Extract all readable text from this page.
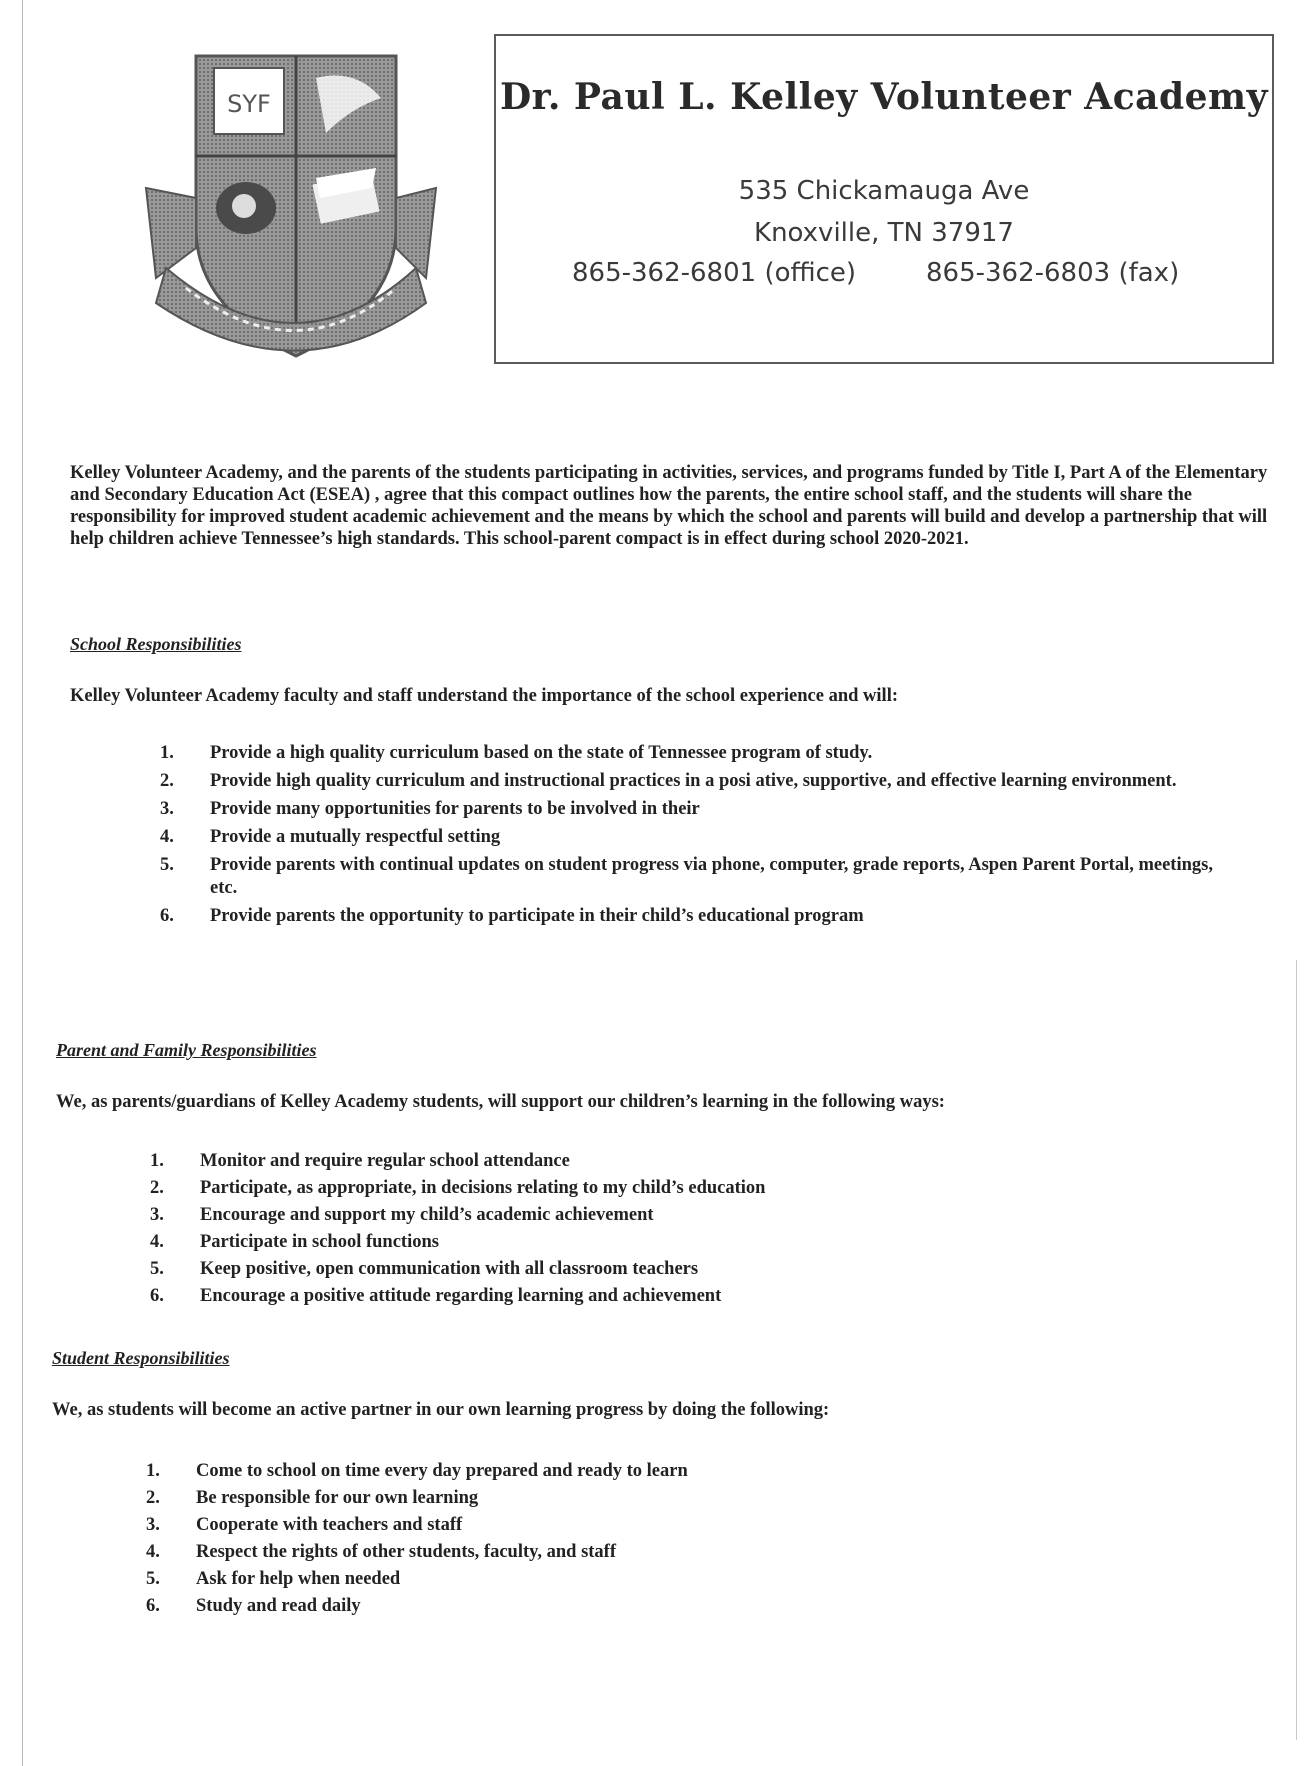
SYF	Dr. Paul L. Kelley Volunteer Academy
535 Chickamauga Ave
Knoxville, TN 37917
865-362-6801 (office)	865-362-6803 (fax)
Kelley Volunteer Academy, and the parents of the students participating in activities, services, and programs funded by Title I, Part A of the Elementary and Secondary Education Act (ESEA) , agree that this compact outlines how the parents, the entire school staff, and the students will share the responsibility for improved student academic achievement and the means by which the school and parents will build and develop a partnership that will help children achieve Tennessee’s high standards. This school-parent compact is in effect during school 2020-2021.
School Responsibilities
Kelley Volunteer Academy faculty and staff understand the importance of the school experience and will:
1. Provide a high quality curriculum based on the state of Tennessee program of study.
2. Provide high quality curriculum and instructional practices in a posi ative, supportive, and effective learning environment.
3. Provide many opportunities for parents to be involved in their
4. Provide a mutually respectful setting
5. Provide parents with continual updates on student progress via phone, computer, grade reports, Aspen Parent Portal, meetings, etc.
6. Provide parents the opportunity to participate in their child’s educational program
Parent and Family Responsibilities
We, as parents/guardians of Kelley Academy students, will support our children’s learning in the following ways:
1. Monitor and require regular school attendance
2. Participate, as appropriate, in decisions relating to my child’s education
3. Encourage and support my child’s academic achievement
4. Participate in school functions
5. Keep positive, open communication with all classroom teachers
6. Encourage a positive attitude regarding learning and achievement
Student Responsibilities
We, as students will become an active partner in our own learning progress by doing the following:
1. Come to school on time every day prepared and ready to learn
2. Be responsible for our own learning
3. Cooperate with teachers and staff
4. Respect the rights of other students, faculty, and staff
5. Ask for help when needed
6. Study and read daily
